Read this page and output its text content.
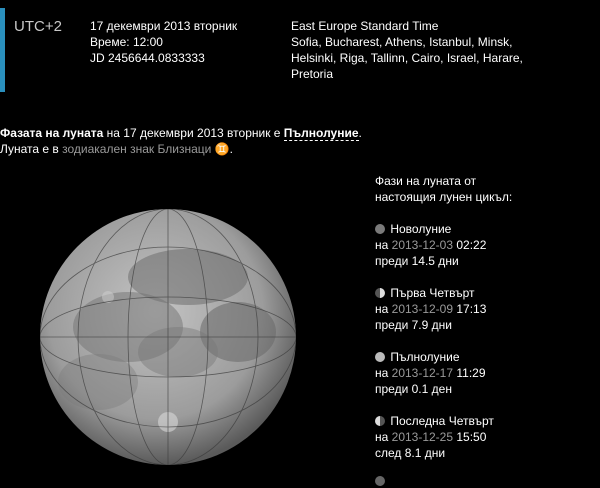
UTC+2 17 декември 2013 вторник
Време: 12:00
JD 2456644.0833333
East Europe Standard Time
Sofia, Bucharest, Athens, Istanbul, Minsk,
Helsinki, Riga, Tallinn, Cairo, Israel, Harare,
Pretoria
Фазата на луната на 17 декември 2013 вторник е Пълнолуние.
Луната е в зодиакален знак Близнаци ♊.
Фази на луната от
настоящия лунен цикъл:
Новолуние
на 2013-12-03 02:22
преди 14.5 дни
Първа Четвърт
на 2013-12-09 17:13
преди 7.9 дни
Пълнолуние
на 2013-12-17 11:29
преди 0.1 ден
Последна Четвърт
на 2013-12-25 15:50
след 8.1 дни
